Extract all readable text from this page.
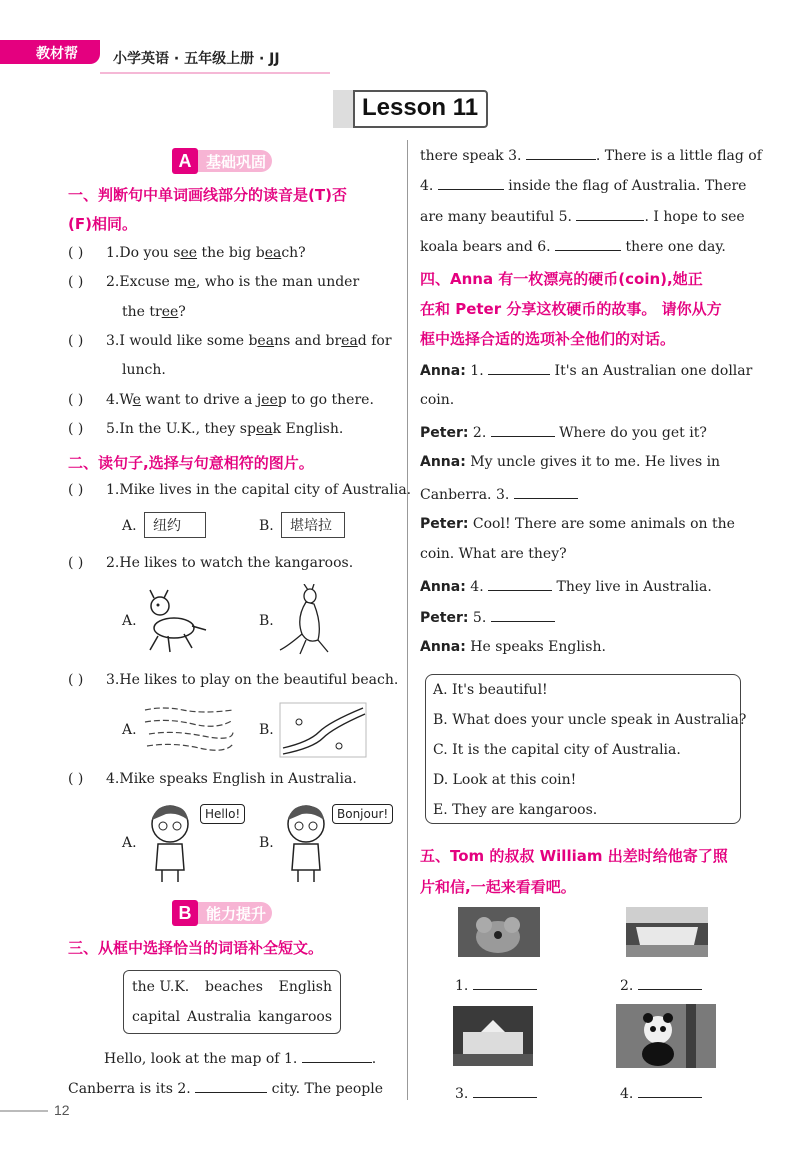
教材帮	小学英语 · 五年级上册 · JJ
Lesson 11
A 基础巩固
一、判断句中单词画线部分的读音是(T)否
(F)相同。
( ) 1.Do you see the big beach?
( ) 2.Excuse me, who is the man under
the tree?
( ) 3.I would like some beans and bread for
lunch.
( ) 4.We want to drive a jeep to go there.
( ) 5.In the U.K., they speak English.
二、读句子,选择与句意相符的图片。
( ) 1.Mike lives in the capital city of Australia.
A.	纽约	B.	堪培拉
( ) 2.He likes to watch the kangaroos.
A.	B.
( ) 3.He likes to play on the beautiful beach.
A.	B.
( ) 4.Mike speaks English in Australia.
A.
Hello!
B.
Bonjour!
B 能力提升
三、从框中选择恰当的词语补全短文。
the U.K. beaches English
capital Australia kangaroos
Hello, look at the map of 1.	.
Canberra is its 2.	city. The people
there speak 3.	. There is a little flag of
4.	inside the flag of Australia. There
are many beautiful 5.	. I hope to see
koala bears and 6.	there one day.
四、Anna 有一枚漂亮的硬币(coin),她正
在和 Peter 分享这枚硬币的故事。 请你从方
框中选择合适的选项补全他们的对话。
Anna: 1.	It's an Australian one dollar
coin.
Peter: 2.	Where do you get it?
Anna: My uncle gives it to me. He lives in
Canberra. 3.
Peter: Cool! There are some animals on the
coin. What are they?
Anna: 4.	They live in Australia.
Peter: 5.
Anna: He speaks English.
A. It's beautiful!
B. What does your uncle speak in Australia?
C. It is the capital city of Australia.
D. Look at this coin!
E. They are kangaroos.
五、Tom 的叔叔 William 出差时给他寄了照
片和信,一起来看看吧。
1.	2.
3.	4.
12
